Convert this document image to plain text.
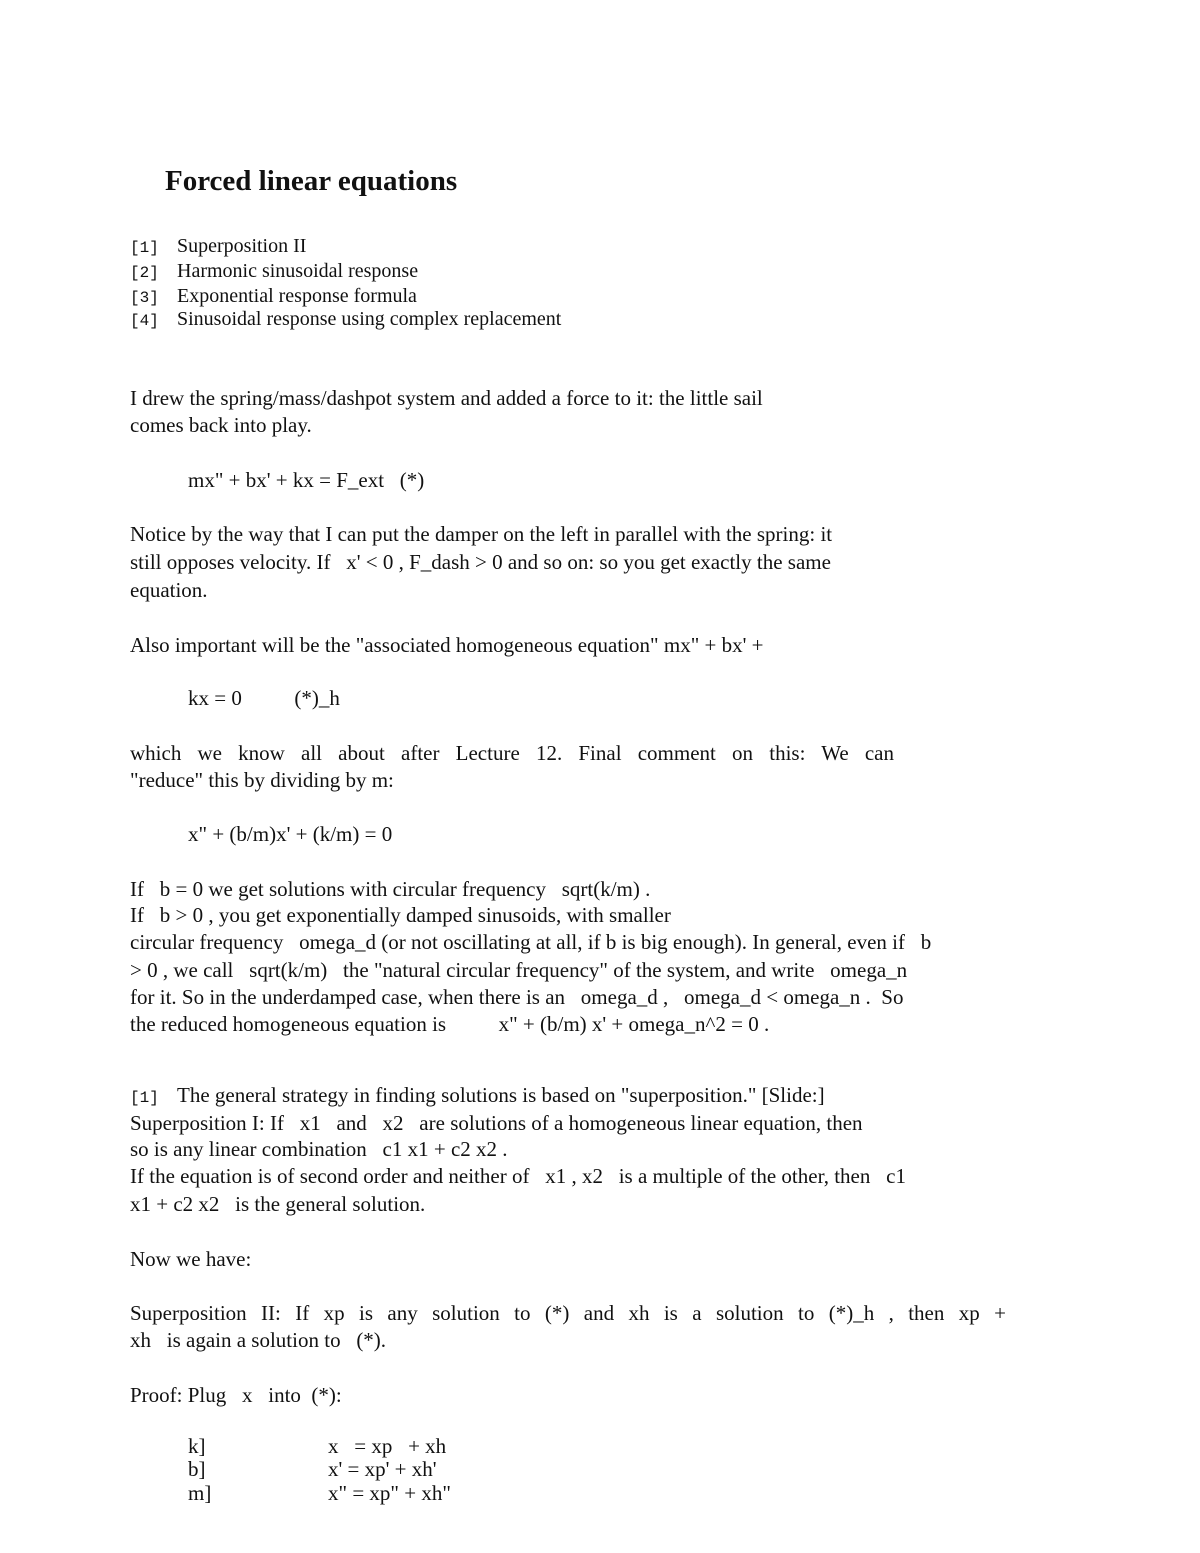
Forced linear equations
[1] Superposition II
[2] Harmonic sinusoidal response
[3] Exponential response formula
[4] Sinusoidal response using complex replacement
I drew the spring/mass/dashpot system and added a force to it: the little sail
comes back into play.
mx" + bx' + kx = F_ext   (*)
Notice by the way that I can put the damper on the left in parallel with the spring: it
still opposes velocity. If   x' < 0 , F_dash > 0 and so on: so you get exactly the same
equation.
Also important will be the "associated homogeneous equation" mx" + bx' +
kx = 0          (*)_h
which we know all about after Lecture 12. Final comment on this: We can
"reduce" this by dividing by m:
x" + (b/m)x' + (k/m) = 0
If   b = 0 we get solutions with circular frequency   sqrt(k/m) .
If   b > 0 , you get exponentially damped sinusoids, with smaller
circular frequency   omega_d (or not oscillating at all, if b is big enough). In general, even if   b
> 0 , we call   sqrt(k/m)   the "natural circular frequency" of the system, and write   omega_n
for it. So in the underdamped case, when there is an   omega_d ,   omega_d < omega_n .  So
the reduced homogeneous equation is          x" + (b/m) x' + omega_n^2 = 0 .
[1] The general strategy in finding solutions is based on "superposition." [Slide:]
Superposition I: If   x1   and   x2   are solutions of a homogeneous linear equation, then
so is any linear combination   c1 x1 + c2 x2 .
If the equation is of second order and neither of   x1 , x2   is a multiple of the other, then   c1
x1 + c2 x2   is the general solution.
Now we have:
Superposition II: If xp is any solution to (*) and xh is a solution to (*)_h , then xp +
xh   is again a solution to   (*).
Proof: Plug   x   into  (*):
k]	x   = xp   + xh
b]	x' = xp' + xh'
m]	x" = xp" + xh"
